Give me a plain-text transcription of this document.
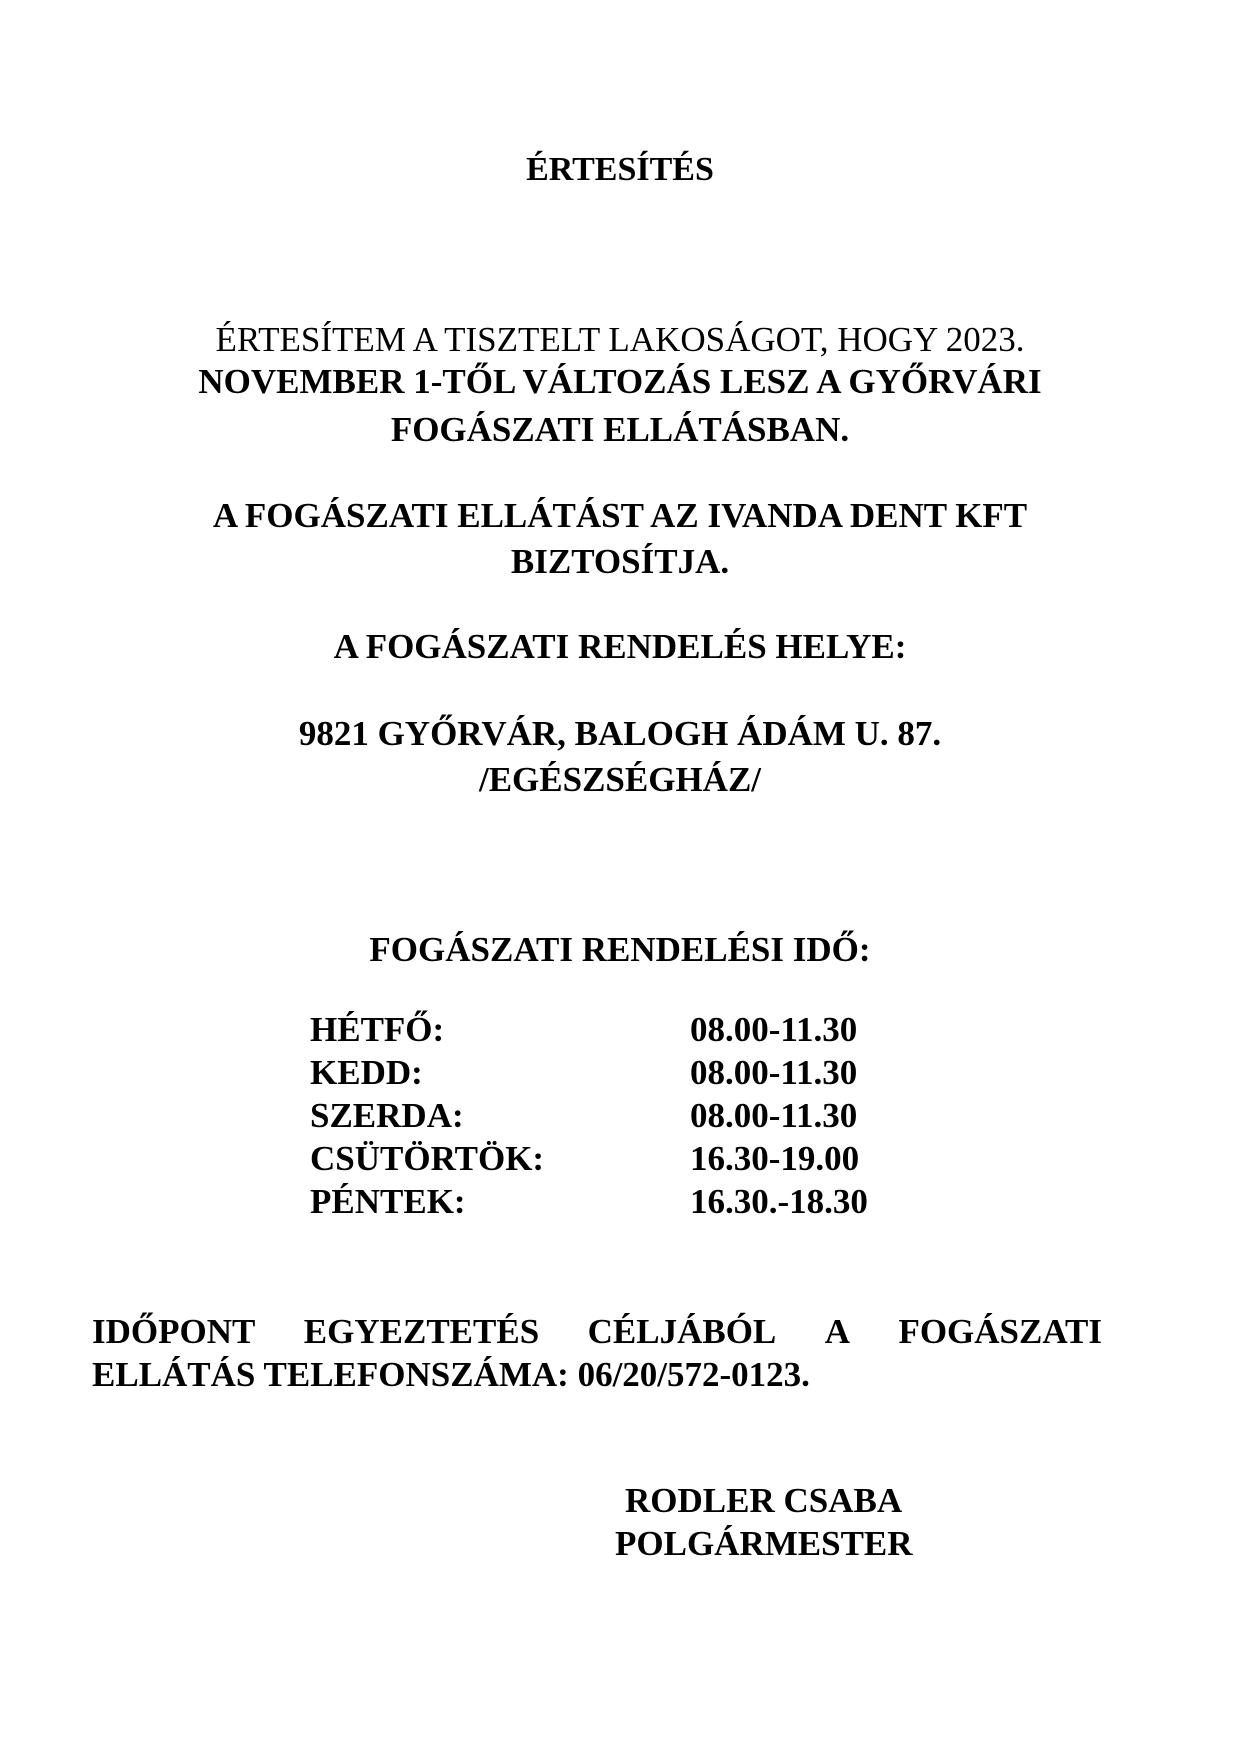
ÉRTESÍTÉS
ÉRTESÍTEM A TISZTELT LAKOSÁGOT, HOGY 2023.
NOVEMBER 1-TŐL VÁLTOZÁS LESZ A GYŐRVÁRI
FOGÁSZATI ELLÁTÁSBAN.
A FOGÁSZATI ELLÁTÁST AZ IVANDA DENT KFT
BIZTOSÍTJA.
A FOGÁSZATI RENDELÉS HELYE:
9821 GYŐRVÁR, BALOGH ÁDÁM U. 87.
/EGÉSZSÉGHÁZ/
FOGÁSZATI RENDELÉSI IDŐ:
HÉTFŐ:	08.00-11.30
KEDD:	08.00-11.30
SZERDA:	08.00-11.30
CSÜTÖRTÖK:	16.30-19.00
PÉNTEK:	16.30.-18.30
IDŐPONT EGYEZTETÉS CÉLJÁBÓL A FOGÁSZATI
ELLÁTÁS TELEFONSZÁMA: 06/20/572-0123.
RODLER CSABA
POLGÁRMESTER
